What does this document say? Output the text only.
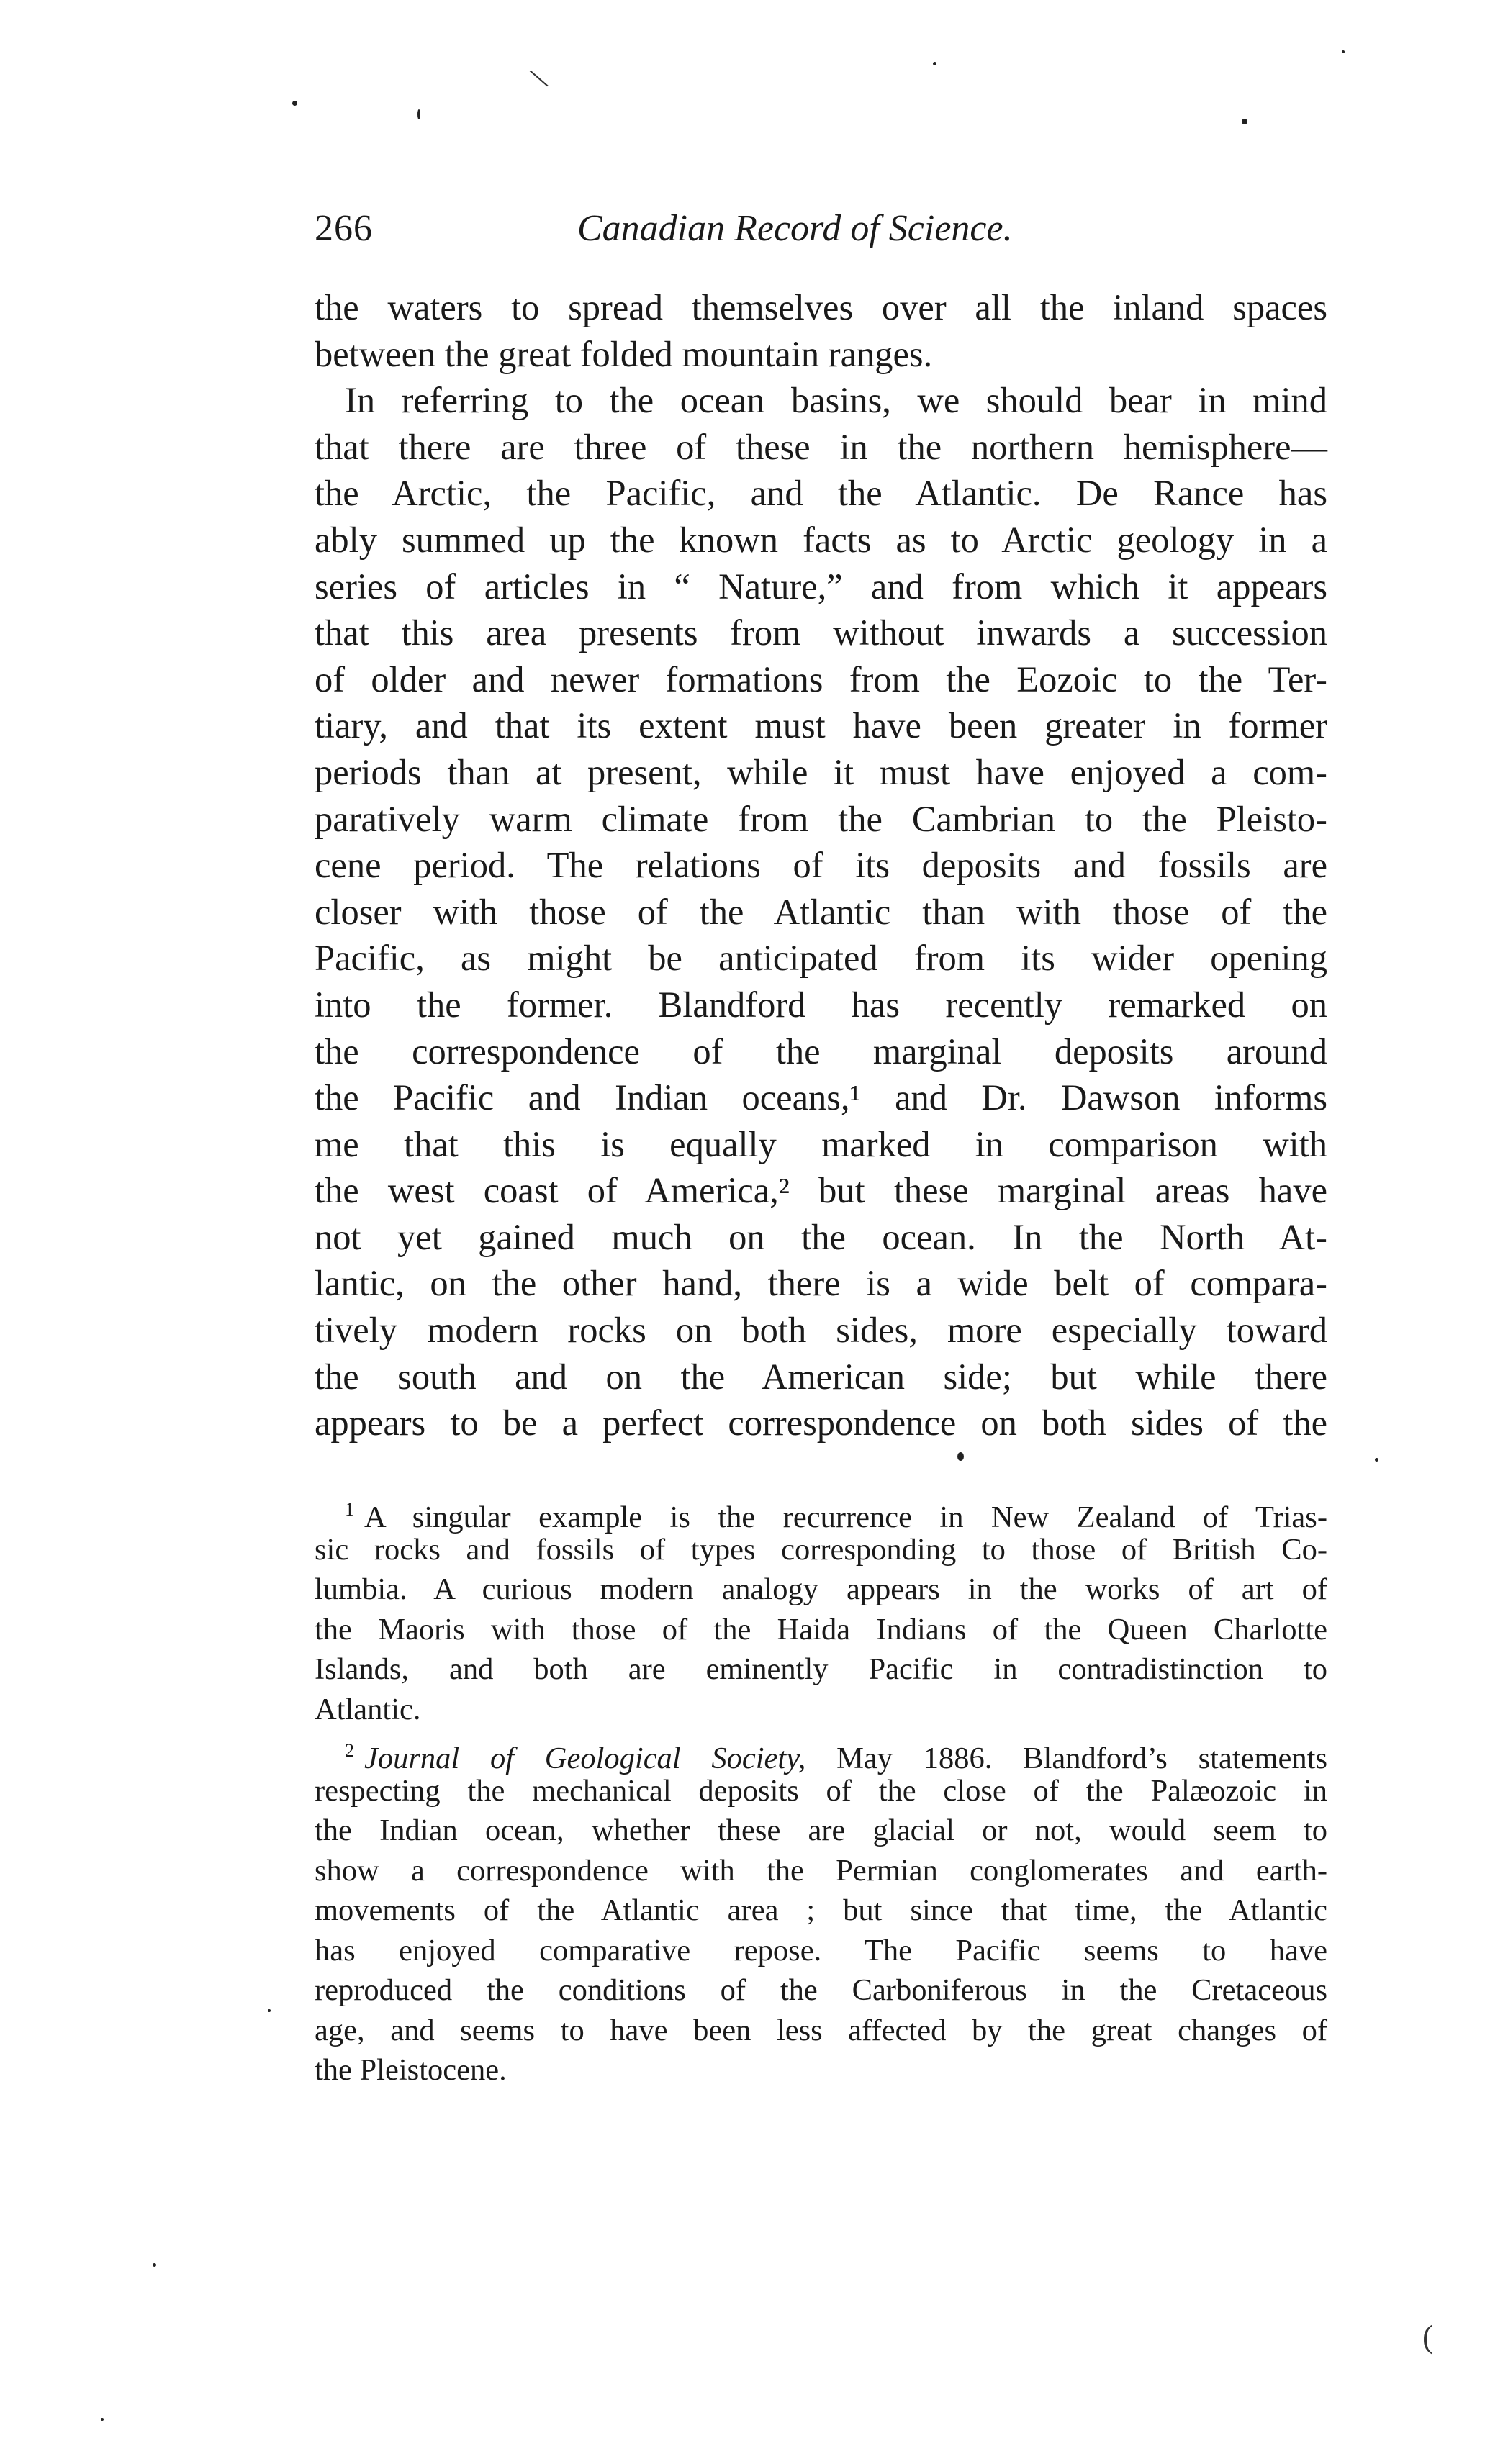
\
(
266	Canadian Record of Science.
the waters to spread themselves over all the inland spaces
between the great folded mountain ranges.
In referring to the ocean basins, we should bear in mind
that there are three of these in the northern hemisphere—
the Arctic, the Pacific, and the Atlantic. De Rance has
ably summed up the known facts as to Arctic geology in a
series of articles in “ Nature,” and from which it appears
that this area presents from without inwards a succession
of older and newer formations from the Eozoic to the Ter-
tiary, and that its extent must have been greater in former
periods than at present, while it must have enjoyed a com-
paratively warm climate from the Cambrian to the Pleisto-
cene period. The relations of its deposits and fossils are
closer with those of the Atlantic than with those of the
Pacific, as might be anticipated from its wider opening
into the former. Blandford has recently remarked on
the correspondence of the marginal deposits around
the Pacific and Indian oceans,¹ and Dr. Dawson informs
me that this is equally marked in comparison with
the west coast of America,² but these marginal areas have
not yet gained much on the ocean. In the North At-
lantic, on the other hand, there is a wide belt of compara-
tively modern rocks on both sides, more especially toward
the south and on the American side; but while there
appears to be a perfect correspondence on both sides of the
$^1$ A singular example is the recurrence in New Zealand of Trias-
sic rocks and fossils of types corresponding to those of British Co-
lumbia. A curious modern analogy appears in the works of art of
the Maoris with those of the Haida Indians of the Queen Charlotte
Islands, and both are eminently Pacific in contradistinction to
Atlantic.
$^2$ Journal of Geological Society, May 1886. Blandford’s statements
respecting the mechanical deposits of the close of the Palæozoic in
the Indian ocean, whether these are glacial or not, would seem to
show a correspondence with the Permian conglomerates and earth-
movements of the Atlantic area ; but since that time, the Atlantic
has enjoyed comparative repose. The Pacific seems to have
reproduced the conditions of the Carboniferous in the Cretaceous
age, and seems to have been less affected by the great changes of
the Pleistocene.
